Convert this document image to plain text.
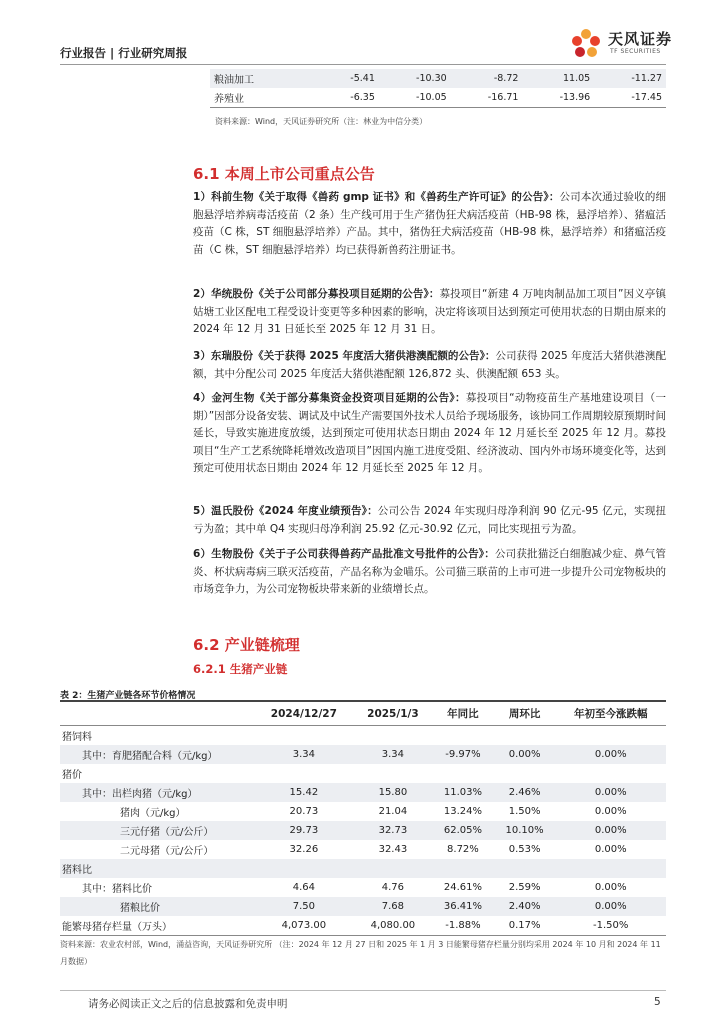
行业报告 | 行业研究周报
天风证券
TF SECURITIES
粮油加工	-5.41	-10.30	-8.72	11.05	-11.27
养殖业	-6.35	-10.05	-16.71	-13.96	-17.45
资料来源：Wind，天风证券研究所（注：林业为中信分类）
6.1 本周上市公司重点公告

1）科前生物《关于取得《兽药 gmp 证书》和《兽药生产许可证》的公告》：公司本次通过验收的细胞悬浮培养病毒活疫苗（2 条）生产线可用于生产猪伪狂犬病活疫苗（HB-98 株，悬浮培养）、猪瘟活疫苗（C 株，ST 细胞悬浮培养）产品。其中，猪伪狂犬病活疫苗（HB-98 株，悬浮培养）和猪瘟活疫苗（C 株，ST 细胞悬浮培养）均已获得新兽药注册证书。

2）华统股份《关于公司部分募投项目延期的公告》：募投项目“新建 4 万吨肉制品加工项目”因义亭镇姑塘工业区配电工程受设计变更等多种因素的影响，决定将该项目达到预定可使用状态的日期由原来的 2024 年 12 月 31 日延长至 2025 年 12 月 31 日。

3）东瑞股份《关于获得 2025 年度活大猪供港澳配额的公告》：公司获得 2025 年度活大猪供港澳配额，其中分配公司 2025 年度活大猪供港配额 126,872 头、供澳配额 653 头。

4）金河生物《关于部分募集资金投资项目延期的公告》：募投项目“动物疫苗生产基地建设项目（一期）”因部分设备安装、调试及中试生产需要国外技术人员给予现场服务，该协同工作周期较原预期时间延长，导致实施进度放缓，达到预定可使用状态日期由 2024 年 12 月延长至 2025 年 12 月。募投项目“生产工艺系统降耗增效改造项目”因国内施工进度受阻、经济波动、国内外市场环境变化等，达到预定可使用状态日期由 2024 年 12 月延长至 2025 年 12 月。

5）温氏股份《2024 年度业绩预告》：公司公告 2024 年实现归母净利润 90 亿元-95 亿元，实现扭亏为盈；其中单 Q4 实现归母净利润 25.92 亿元-30.92 亿元，同比实现扭亏为盈。

6）生物股份《关于子公司获得兽药产品批准文号批件的公告》：公司获批猫泛白细胞减少症、鼻气管炎、杯状病毒病三联灭活疫苗，产品名称为金喵乐。公司猫三联苗的上市可进一步提升公司宠物板块的市场竞争力，为公司宠物板块带来新的业绩增长点。

6.2 产业链梳理
6.2.1 生猪产业链
表 2：生猪产业链各环节价格情况
	2024/12/27	2025/1/3	年同比	周环比	年初至今涨跌幅
猪饲料					
其中：育肥猪配合料（元/kg）	3.34	3.34	-9.97%	0.00%	0.00%
猪价					
其中：出栏肉猪（元/kg）	15.42	15.80	11.03%	2.46%	0.00%
猪肉（元/kg）	20.73	21.04	13.24%	1.50%	0.00%
三元仔猪（元/公斤）	29.73	32.73	62.05%	10.10%	0.00%
二元母猪（元/公斤）	32.26	32.43	8.72%	0.53%	0.00%
猪料比					
其中：猪料比价	4.64	4.76	24.61%	2.59%	0.00%
猪粮比价	7.50	7.68	36.41%	2.40%	0.00%
能繁母猪存栏量（万头）	4,073.00	4,080.00	-1.88%	0.17%	-1.50%

资料来源：农业农村部，Wind，涌益咨询，天风证券研究所 （注：2024 年 12 月 27 日和 2025 年 1 月 3 日能繁母猪存栏量分别均采用 2024 年 10 月和 2024 年 11 月数据）

请务必阅读正文之后的信息披露和免责申明	5
